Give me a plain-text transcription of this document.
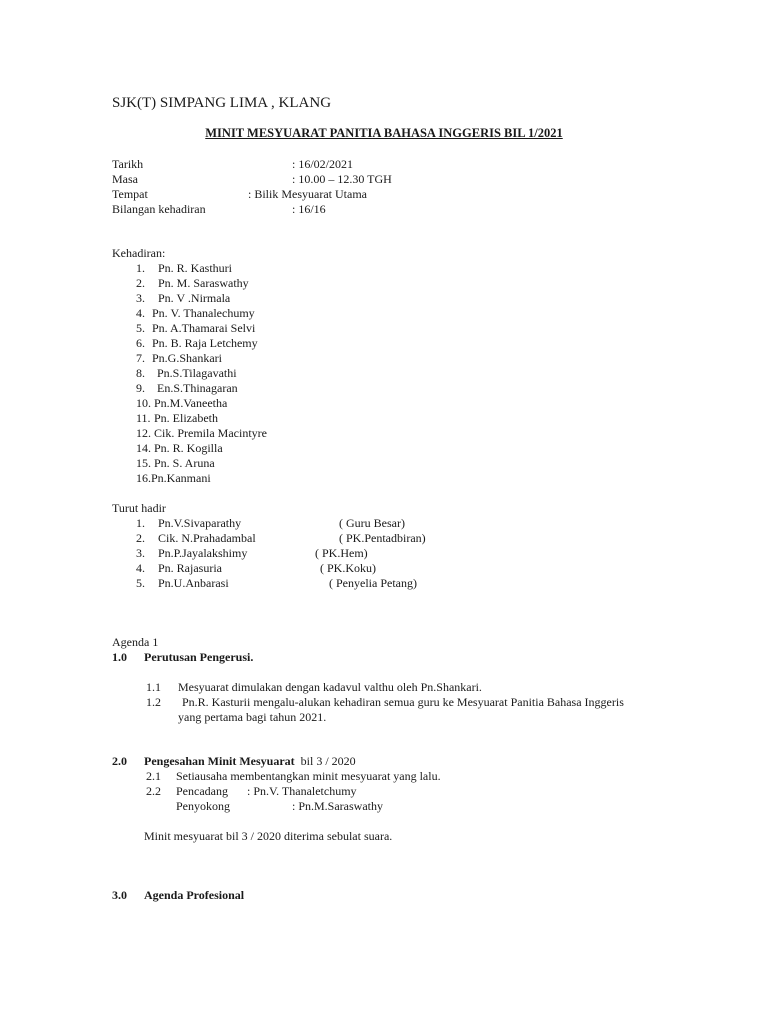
SJK(T) SIMPANG LIMA , KLANG
MINIT MESYUARAT PANITIA BAHASA INGGERIS BIL 1/2021
Tarikh	: 16/02/2021
Masa	: 10.00 – 12.30 TGH
Tempat	: Bilik Mesyuarat Utama
Bilangan kehadiran	: 16/16
Kehadiran:
1. Pn. R. Kasthuri
2. Pn. M. Saraswathy
3. Pn. V .Nirmala
4. Pn. V. Thanalechumy
5. Pn. A.Thamarai Selvi
6. Pn. B. Raja Letchemy
7. Pn.G.Shankari
8. Pn.S.Tilagavathi
9. En.S.Thinagaran
10. Pn.M.Vaneetha
11. Pn. Elizabeth
12. Cik. Premila Macintyre
14. Pn. R. Kogilla
15. Pn. S. Aruna
16.Pn.Kanmani
Turut hadir
1. Pn.V.Sivaparathy	( Guru Besar)
2. Cik. N.Prahadambal	( PK.Pentadbiran)
3. Pn.P.Jayalakshimy	( PK.Hem)
4. Pn. Rajasuria	( PK.Koku)
5. Pn.U.Anbarasi	( Penyelia Petang)
Agenda 1
1.0 Perutusan Pengerusi.
1.1 Mesyuarat dimulakan dengan kadavul valthu oleh Pn.Shankari.
1.2 Pn.R. Kasturii mengalu-alukan kehadiran semua guru ke Mesyuarat Panitia Bahasa Inggeris
yang pertama bagi tahun 2021.
2.0 Pengesahan Minit Mesyuarat bil 3 / 2020
2.1 Setiausaha membentangkan minit mesyuarat yang lalu.
2.2 Pencadang : Pn.V. Thanaletchumy
Penyokong	: Pn.M.Saraswathy
Minit mesyuarat bil 3 / 2020 diterima sebulat suara.
3.0 Agenda Profesional
